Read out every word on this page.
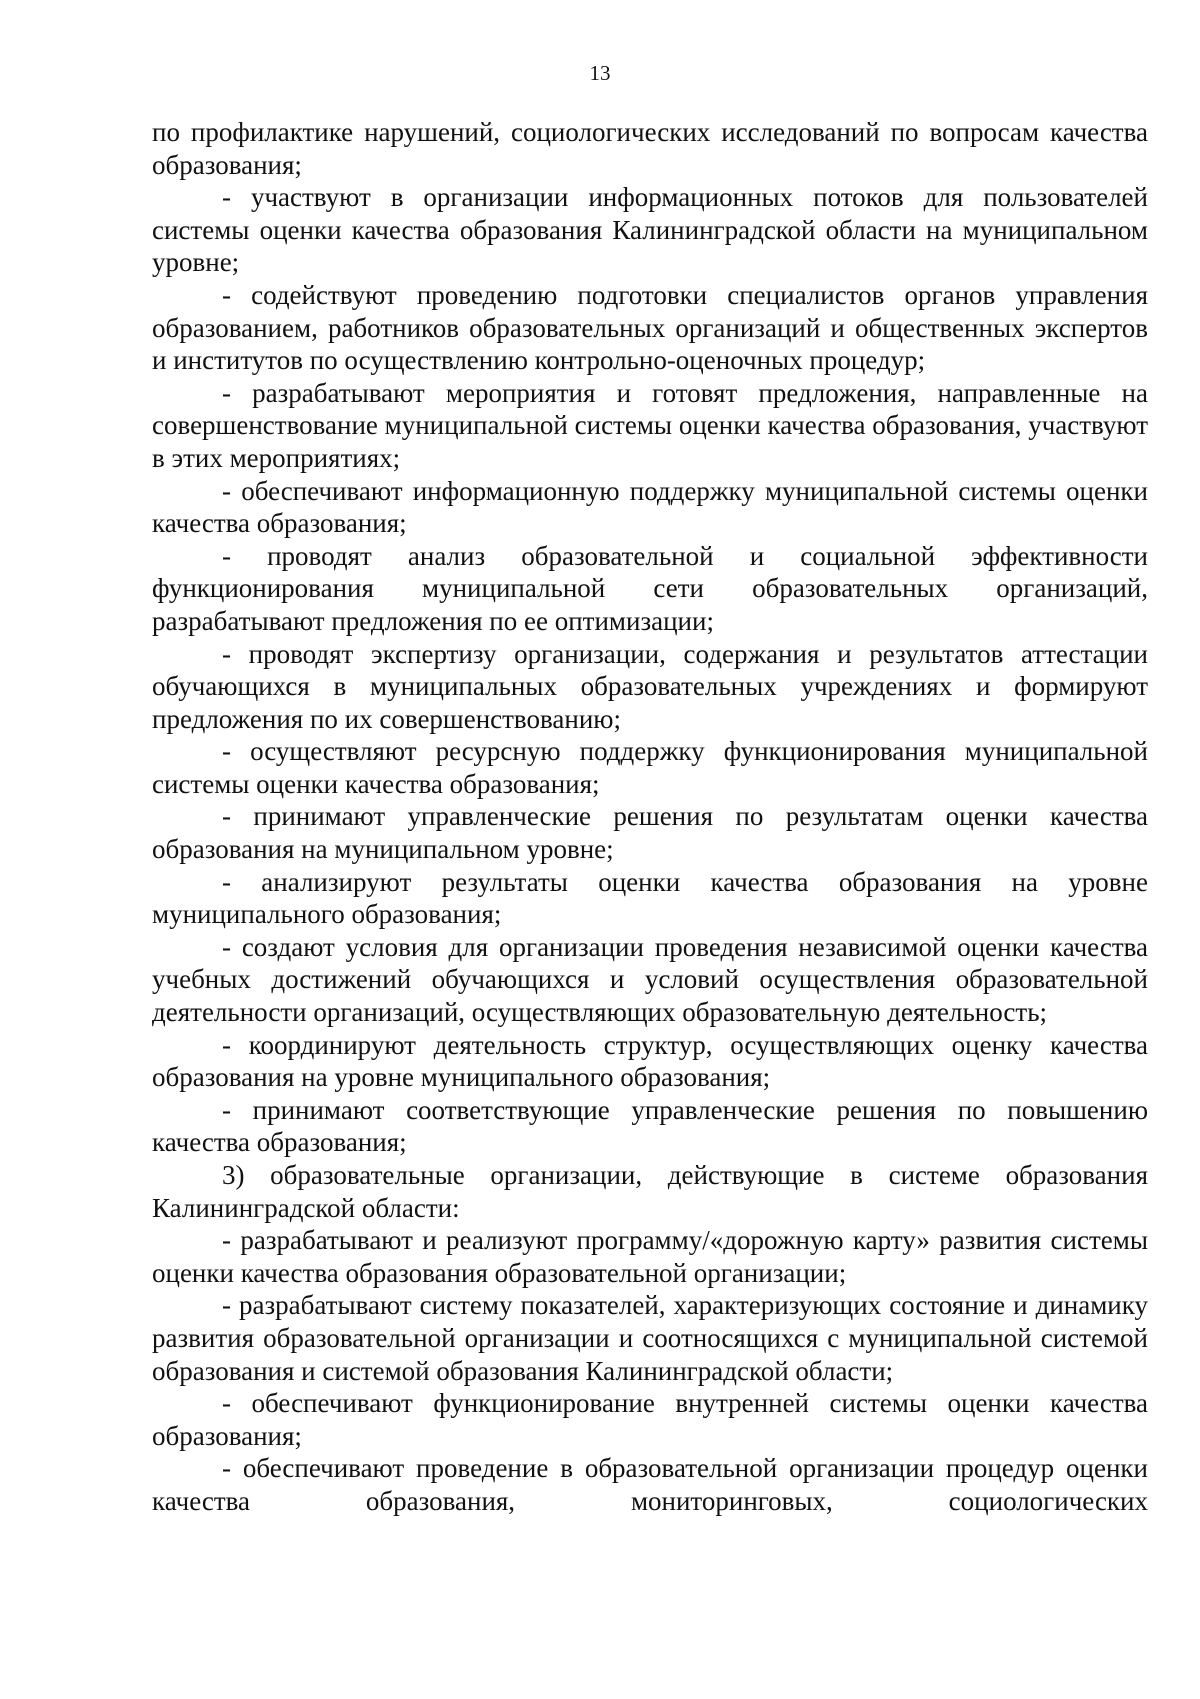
13

по профилактике нарушений, социологических исследований по вопросам качества образования;

- участвуют в организации информационных потоков для пользователей системы оценки качества образования Калининградской области на муниципальном уровне;

- содействуют проведению подготовки специалистов органов управления образованием, работников образовательных организаций и общественных экспертов и институтов по осуществлению контрольно-оценочных процедур;

- разрабатывают мероприятия и готовят предложения, направленные на совершенствование муниципальной системы оценки качества образования, участвуют в этих мероприятиях;

- обеспечивают информационную поддержку муниципальной системы оценки качества образования;

- проводят анализ образовательной и социальной эффективности функционирования муниципальной сети образовательных организаций, разрабатывают предложения по ее оптимизации;

- проводят экспертизу организации, содержания и результатов аттестации обучающихся в муниципальных образовательных учреждениях и формируют предложения по их совершенствованию;

- осуществляют ресурсную поддержку функционирования муниципальной системы оценки качества образования;

- принимают управленческие решения по результатам оценки качества образования на муниципальном уровне;

- анализируют результаты оценки качества образования на уровне муниципального образования;

- создают условия для организации проведения независимой оценки качества учебных достижений обучающихся и условий осуществления образовательной деятельности организаций, осуществляющих образовательную деятельность;

- координируют деятельность структур, осуществляющих оценку качества образования на уровне муниципального образования;

- принимают соответствующие управленческие решения по повышению качества образования;

3) образовательные организации, действующие в системе образования Калининградской области:

- разрабатывают и реализуют программу/«дорожную карту» развития системы оценки качества образования образовательной организации;

- разрабатывают систему показателей, характеризующих состояние и динамику развития образовательной организации и соотносящихся с муниципальной системой образования и системой образования Калининградской области;

- обеспечивают функционирование внутренней системы оценки качества образования;

- обеспечивают проведение в образовательной организации процедур оценки качества образования, мониторинговых, социологических
